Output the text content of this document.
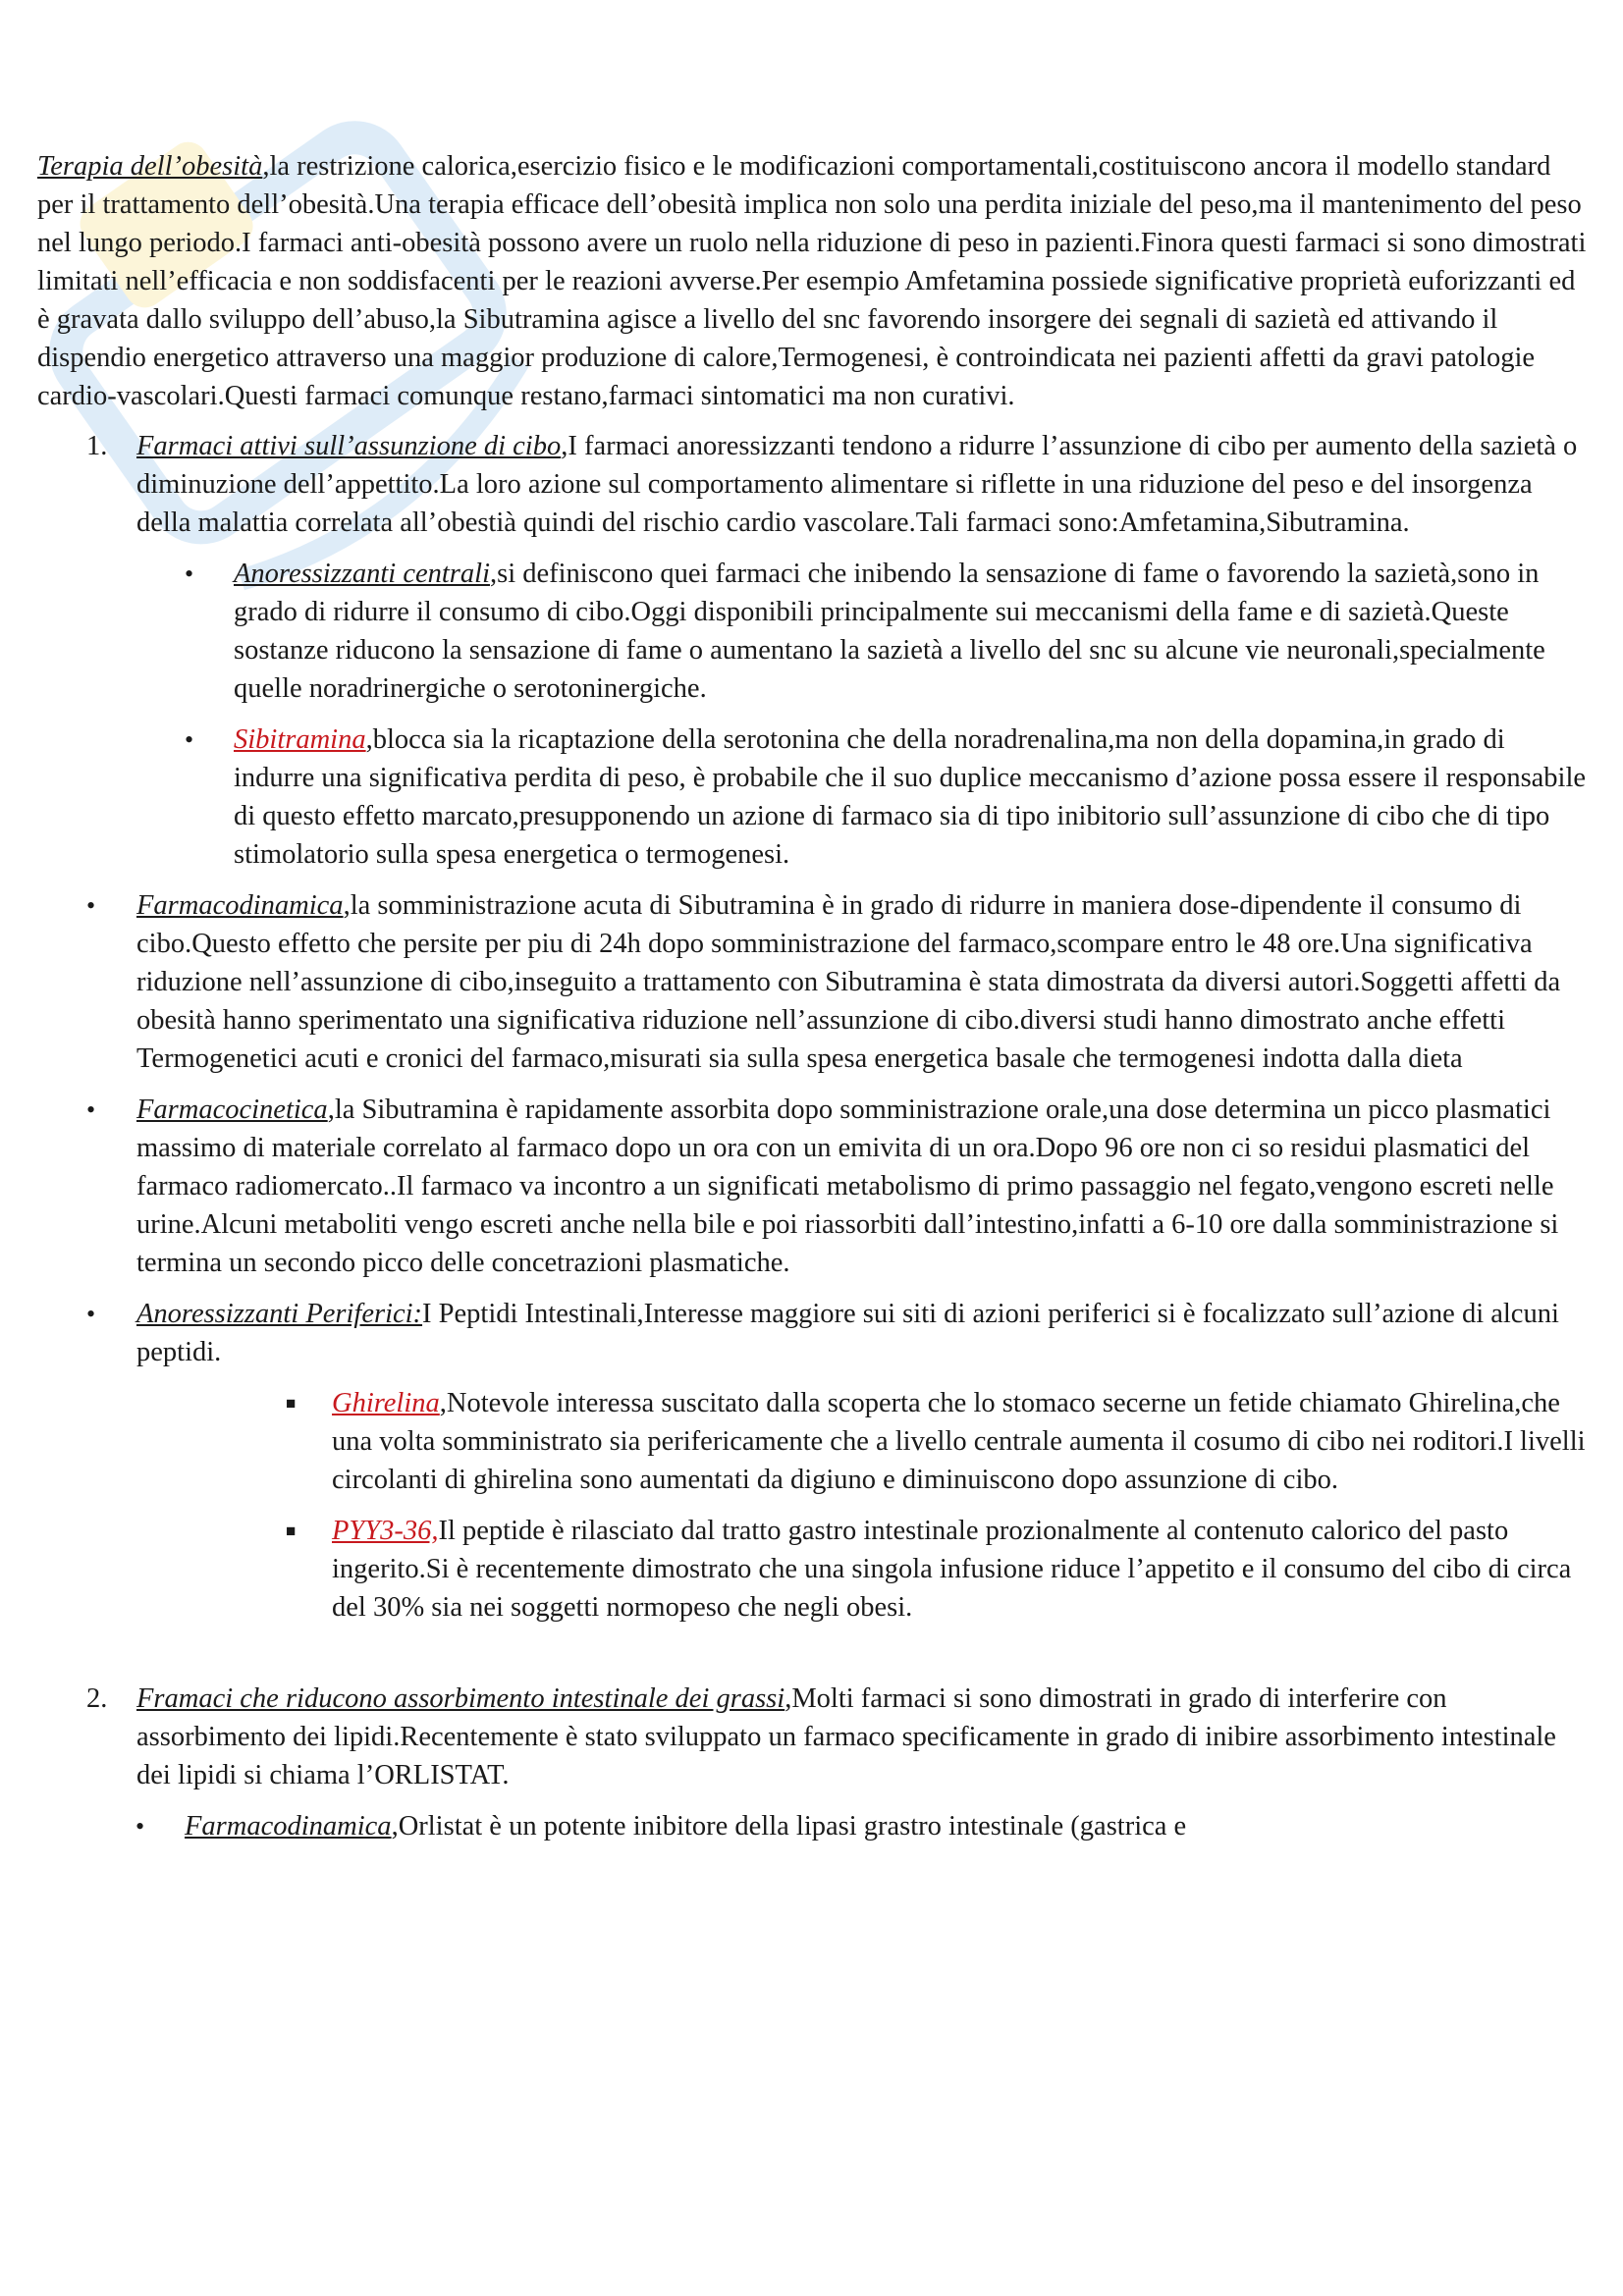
Terapia dell’obesità,la restrizione calorica,esercizio fisico e le modificazioni comportamentali,costituiscono ancora il modello standard per il trattamento dell’obesità.Una terapia efficace dell’obesità implica non solo una perdita iniziale del peso,ma il mantenimento del peso nel lungo periodo.I farmaci anti-obesità possono avere un ruolo nella riduzione di peso in pazienti.Finora questi farmaci si sono dimostrati limitati nell’efficacia e non soddisfacenti per le reazioni avverse.Per esempio Amfetamina possiede significative proprietà euforizzanti ed è gravata dallo sviluppo dell’abuso,la Sibutramina agisce a livello del snc favorendo insorgere dei segnali di sazietà ed attivando il dispendio energetico attraverso una maggior produzione di calore,Termogenesi, è controindicata nei pazienti affetti da gravi patologie cardio-vascolari.Questi farmaci comunque restano,farmaci sintomatici ma non curativi.

1. Farmaci attivi sull’assunzione di cibo,I farmaci anoressizzanti tendono a ridurre l’assunzione di cibo per aumento della sazietà o diminuzione dell’appettito.La loro azione sul comportamento alimentare si riflette in una riduzione del peso e del insorgenza della malattia correlata all’obestià quindi del rischio cardio vascolare.Tali farmaci sono:Amfetamina,Sibutramina.
• Anoressizzanti centrali,si definiscono quei farmaci che inibendo la sensazione di fame o favorendo la sazietà,sono in grado di ridurre il consumo di cibo.Oggi disponibili principalmente sui meccanismi della fame e di sazietà.Queste sostanze riducono la sensazione di fame o aumentano la sazietà a livello del snc su alcune vie neuronali,specialmente quelle noradrinergiche o serotoninergiche.
• Sibitramina,blocca sia la ricaptazione della serotonina che della noradrenalina,ma non della dopamina,in grado di indurre una significativa perdita di peso, è probabile che il suo duplice meccanismo d’azione possa essere il responsabile di questo effetto marcato,presupponendo un azione di farmaco sia di tipo inibitorio sull’assunzione di cibo che di tipo stimolatorio sulla spesa energetica o termogenesi.
• Farmacodinamica,la somministrazione acuta di Sibutramina è in grado di ridurre in maniera dose-dipendente il consumo di cibo.Questo effetto che persite per piu di 24h dopo somministrazione del farmaco,scompare entro le 48 ore.Una significativa riduzione nell’assunzione di cibo,inseguito a trattamento con Sibutramina è stata dimostrata da diversi autori.Soggetti affetti da obesità hanno sperimentato una significativa riduzione nell’assunzione di cibo.diversi studi hanno dimostrato anche effetti Termogenetici acuti e cronici del farmaco,misurati sia sulla spesa energetica basale che termogenesi indotta dalla dieta
• Farmacocinetica,la Sibutramina è rapidamente assorbita dopo somministrazione orale,una dose determina un picco plasmatici massimo di materiale correlato al farmaco dopo un ora con un emivita di un ora.Dopo 96 ore non ci so residui plasmatici del farmaco radiomercato..Il farmaco va incontro a un significati metabolismo di primo passaggio nel fegato,vengono escreti nelle urine.Alcuni metaboliti vengo escreti anche nella bile e poi riassorbiti dall’intestino,infatti a 6-10 ore dalla somministrazione si termina un secondo picco delle concetrazioni plasmatiche.
• Anoressizzanti Periferici:I Peptidi Intestinali,Interesse maggiore sui siti di azioni periferici si è focalizzato sull’azione di alcuni peptidi.
■ Ghirelina,Notevole interessa suscitato dalla scoperta che lo stomaco secerne un fetide chiamato Ghirelina,che una volta somministrato sia perifericamente che a livello centrale aumenta il cosumo di cibo nei roditori.I livelli circolanti di ghirelina sono aumentati da digiuno e diminuiscono dopo assunzione di cibo.
■ PYY3-36,Il peptide è rilasciato dal tratto gastro intestinale prozionalmente al contenuto calorico del pasto ingerito.Si è recentemente dimostrato che una singola infusione riduce l’appetito e il consumo del cibo di circa del 30% sia nei soggetti normopeso che negli obesi.
2. Framaci che riducono assorbimento intestinale dei grassi,Molti farmaci si sono dimostrati in grado di interferire con assorbimento dei lipidi.Recentemente è stato sviluppato un farmaco specificamente in grado di inibire assorbimento intestinale dei lipidi si chiama l’ORLISTAT.
• Farmacodinamica,Orlistat è un potente inibitore della lipasi grastro intestinale (gastrica e
